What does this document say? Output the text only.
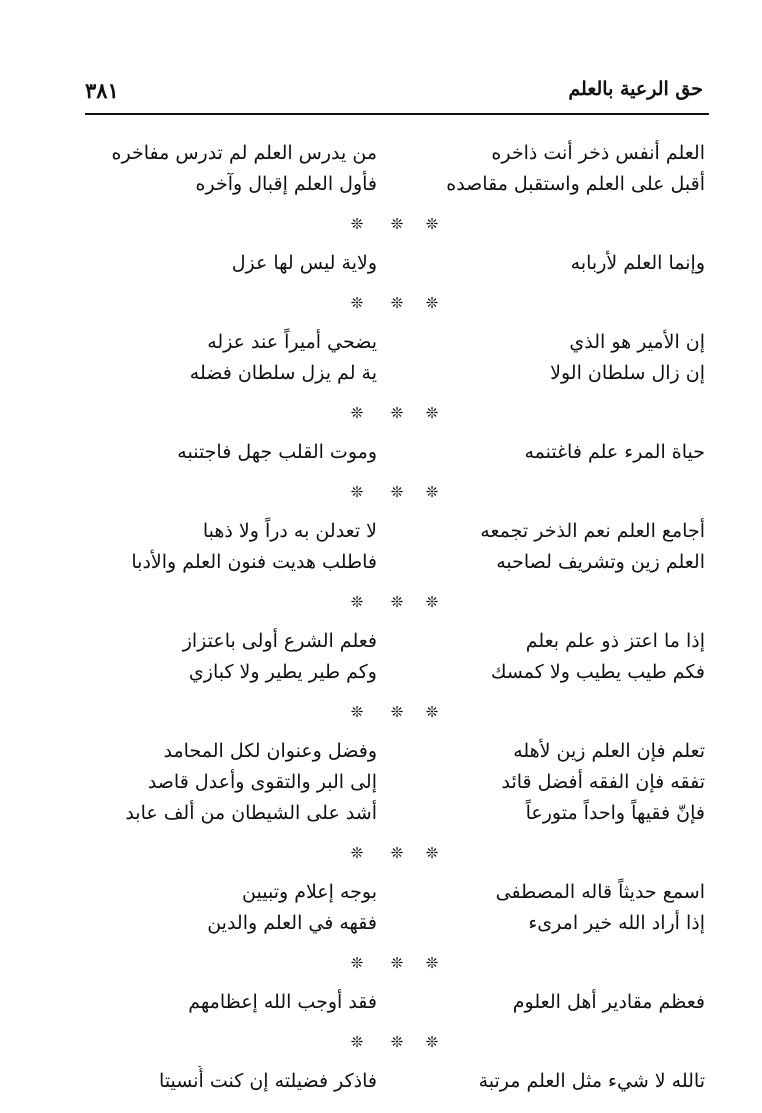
حق الرعية بالعلم
٣٨١
العلم أنفس ذخر أنت ذاخره
من يدرس العلم لم تدرس مفاخره
أقبل على العلم واستقبل مقاصده
فأول العلم إقبال وآخره
❊ ❊ ❊
وإنما العلم لأربابه
ولاية ليس لها عزل
❊ ❊ ❊
إن الأمير هو الذي
يضحي أميراً عند عزله
إن زال سلطان الولا
ية لم يزل سلطان فضله
❊ ❊ ❊
حياة المرء علم فاغتنمه
وموت القلب جهل فاجتنبه
❊ ❊ ❊
أجامع العلم نعم الذخر تجمعه
لا تعدلن به دراً ولا ذهبا
العلم زين وتشريف لصاحبه
فاطلب هديت فنون العلم والأدبا
❊ ❊ ❊
إذا ما اعتز ذو علم بعلم
فعلم الشرع أولى باعتزاز
فكم طيب يطيب ولا كمسك
وكم طير يطير ولا كبازي
❊ ❊ ❊
تعلم فإن العلم زين لأهله
وفضل وعنوان لكل المحامد
تفقه فإن الفقه أفضل قائد
إلى البر والتقوى وأعدل قاصد
فإنّ فقيهاً واحداً متورعاً
أشد على الشيطان من ألف عابد
❊ ❊ ❊
اسمع حديثاً قاله المصطفى
بوجه إعلام وتبيين
إذا أراد الله خير امرىء
فقهه في العلم والدين
❊ ❊ ❊
فعظم مقادير أهل العلوم
فقد أوجب الله إعظامهم
❊ ❊ ❊
تالله لا شيء مثل العلم مرتبة
فاذكر فضيلته إن كنت أُنسيتا
